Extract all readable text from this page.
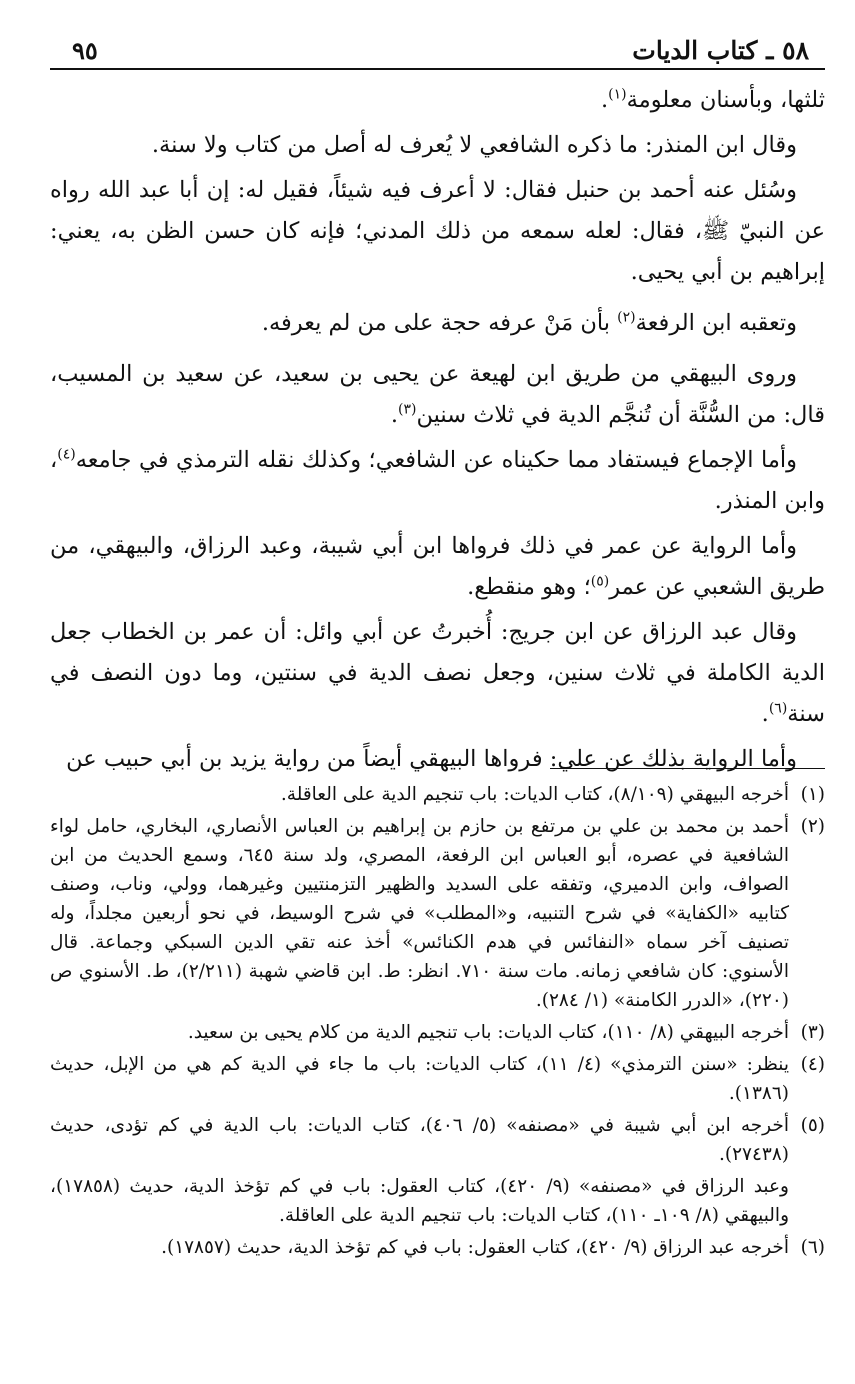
٥٨ ـ كتاب الديات
٩٥

ثلثها، وبأسنان معلومة$^{(١)}$.

وقال ابن المنذر: ما ذكره الشافعي لا يُعرف له أصل من كتاب ولا سنة.

وسُئل عنه أحمد بن حنبل فقال: لا أعرف فيه شيئاً، فقيل له: إن أبا عبد الله رواه عن النبيّ ﷺ، فقال: لعله سمعه من ذلك المدني؛ فإنه كان حسن الظن به، يعني: إبراهيم بن أبي يحيى.

وتعقبه ابن الرفعة$^{(٢)}$ بأن مَنْ عرفه حجة على من لم يعرفه.

وروى البيهقي من طريق ابن لهيعة عن يحيى بن سعيد، عن سعيد بن المسيب، قال: من السُّنَّة أن تُنجَّم الدية في ثلاث سنين$^{(٣)}$.

وأما الإجماع فيستفاد مما حكيناه عن الشافعي؛ وكذلك نقله الترمذي في جامعه$^{(٤)}$، وابن المنذر.

وأما الرواية عن عمر في ذلك فرواها ابن أبي شيبة، وعبد الرزاق، والبيهقي، من طريق الشعبي عن عمر$^{(٥)}$؛ وهو منقطع.

وقال عبد الرزاق عن ابن جريج: أُخبرتُ عن أبي وائل: أن عمر بن الخطاب جعل الدية الكاملة في ثلاث سنين، وجعل نصف الدية في سنتين، وما دون النصف في سنة$^{(٦)}$.

وأما الرواية بذلك عن علي: فرواها البيهقي أيضاً من رواية يزيد بن أبي حبيب عن

(١)
أخرجه البيهقي (٨/١٠٩)، كتاب الديات: باب تنجيم الدية على العاقلة.
(٢)
أحمد بن محمد بن علي بن مرتفع بن حازم بن إبراهيم بن العباس الأنصاري، البخاري، حامل لواء الشافعية في عصره، أبو العباس ابن الرفعة، المصري، ولد سنة ٦٤٥، وسمع الحديث من ابن الصواف، وابن الدميري، وتفقه على السديد والظهير التزمنتيين وغيرهما، وولي، وناب، وصنف كتابيه «الكفاية» في شرح التنبيه، و«المطلب» في شرح الوسيط، في نحو أربعين مجلداً، وله تصنيف آخر سماه «النفائس في هدم الكنائس» أخذ عنه تقي الدين السبكي وجماعة. قال الأسنوي: كان شافعي زمانه. مات سنة ٧١٠. انظر: ط. ابن قاضي شهبة (٢/٢١١)، ط. الأسنوي ص (٢٢٠)، «الدرر الكامنة» (١/ ٢٨٤).
(٣)
أخرجه البيهقي (٨/ ١١٠)، كتاب الديات: باب تنجيم الدية من كلام يحيى بن سعيد.
(٤)
ينظر: «سنن الترمذي» (٤/ ١١)، كتاب الديات: باب ما جاء في الدية كم هي من الإبل، حديث (١٣٨٦).
(٥)
أخرجه ابن أبي شيبة في «مصنفه» (٥/ ٤٠٦)، كتاب الديات: باب الدية في كم تؤدى، حديث (٢٧٤٣٨).
وعبد الرزاق في «مصنفه» (٩/ ٤٢٠)، كتاب العقول: باب في كم تؤخذ الدية، حديث (١٧٨٥٨)، والبيهقي (٨/ ١٠٩ـ ١١٠)، كتاب الديات: باب تنجيم الدية على العاقلة.
(٦)
أخرجه عبد الرزاق (٩/ ٤٢٠)، كتاب العقول: باب في كم تؤخذ الدية، حديث (١٧٨٥٧).
